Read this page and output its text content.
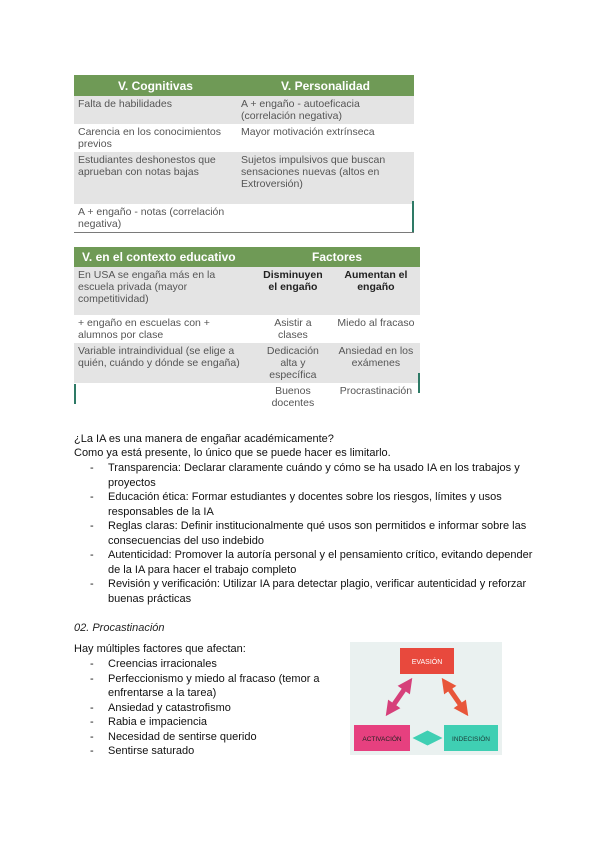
V. Cognitivas	V. Personalidad
Falta de habilidades	A + engaño - autoeficacia (correlación negativa)
Carencia en los conocimientos previos	Mayor motivación extrínseca
Estudiantes deshonestos que aprueban con notas bajas	Sujetos impulsivos que buscan sensaciones nuevas (altos en Extroversión)
A + engaño - notas (correlación negativa)	
V. en el contexto educativo	Factores	
En USA se engaña más en la escuela privada (mayor competitividad)	Disminuyen el engaño	Aumentan el engaño
+ engaño en escuelas con + alumnos por clase	Asistir a clases	Miedo al fracaso
Variable intraindividual (se elige a quién, cuándo y dónde se engaña)	Dedicación alta y específica	Ansiedad en los exámenes
	Buenos docentes	Procrastinación
¿La IA es una manera de engañar académicamente?
Como ya está presente, lo único que se puede hacer es limitarlo.
- Transparencia: Declarar claramente cuándo y cómo se ha usado IA en los trabajos y proyectos
- Educación ética: Formar estudiantes y docentes sobre los riesgos, límites y usos responsables de la IA
- Reglas claras: Definir institucionalmente qué usos son permitidos e informar sobre las consecuencias del uso indebido
- Autenticidad: Promover la autoría personal y el pensamiento crítico, evitando depender de la IA para hacer el trabajo completo
- Revisión y verificación: Utilizar IA para detectar plagio, verificar autenticidad y reforzar buenas prácticas
02. Procastinación
Hay múltiples factores que afectan:
- Creencias irracionales
- Perfeccionismo y miedo al fracaso (temor a enfrentarse a la tarea)
- Ansiedad y catastrofismo
- Rabia e impaciencia
- Necesidad de sentirse querido
- Sentirse saturado
EVASIÓN
ACTIVACIÓN	INDECISIÓN
